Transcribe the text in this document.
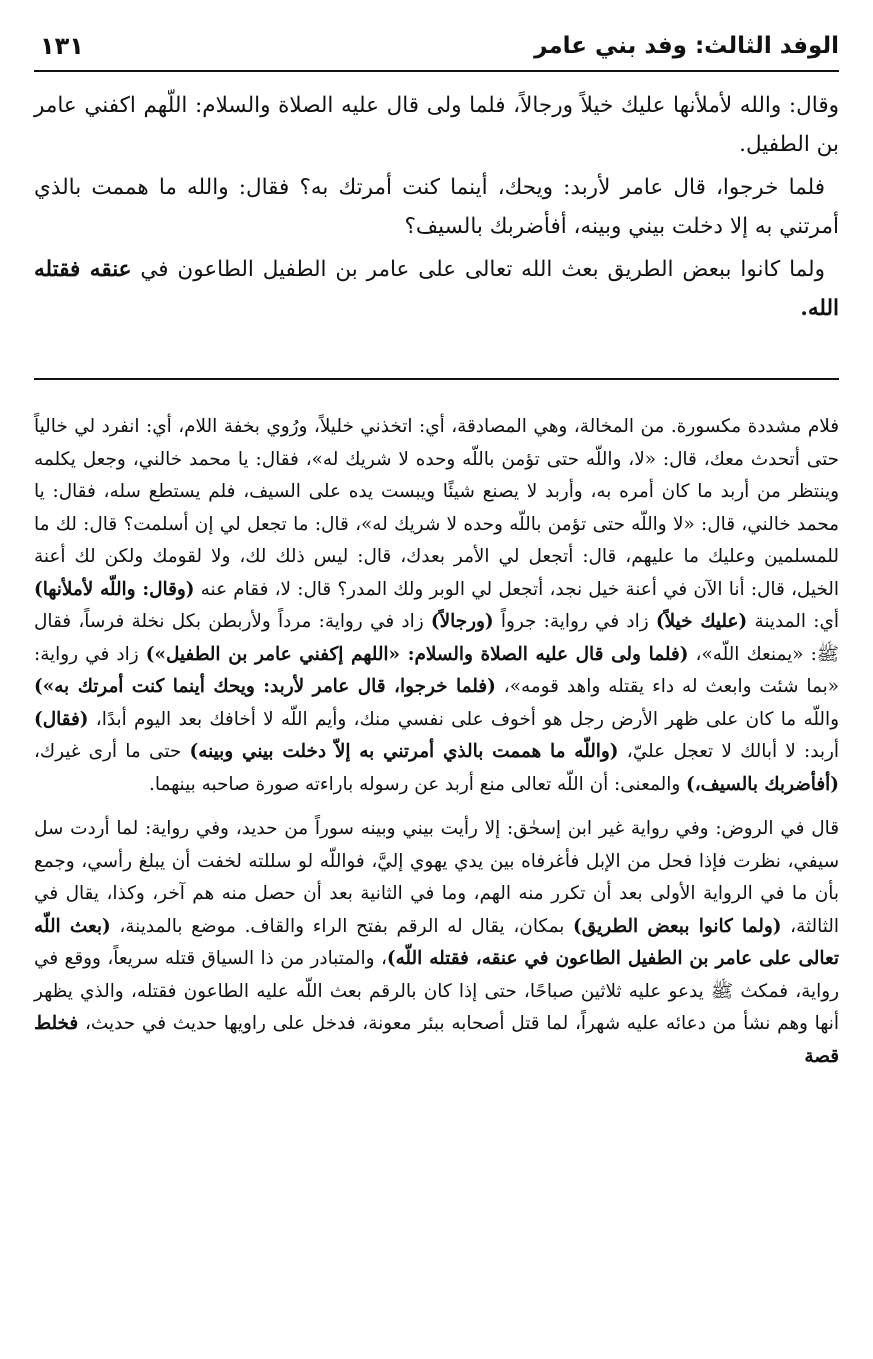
الوفد الثالث: وفد بني عامر
١٣١

وقال: والله لأملأنها عليك خيلاً ورجالاً، فلما ولى قال عليه الصلاة والسلام: اللّهم اكفني عامر بن الطفيل.

فلما خرجوا، قال عامر لأربد: ويحك، أينما كنت أمرتك به؟ فقال: والله ما هممت بالذي أمرتني به إلا دخلت بيني وبينه، أفأضربك بالسيف؟

ولما كانوا ببعض الطريق بعث الله تعالى على عامر بن الطفيل الطاعون في عنقه فقتله الله.

فلام مشددة مكسورة. من المخالة، وهي المصادقة، أي: اتخذني خليلاً، ورُوي بخفة اللام، أي: انفرد لي خالياً حتى أتحدث معك، قال: «لا، واللّه حتى تؤمن باللّه وحده لا شريك له»، فقال: يا محمد خالني، وجعل يكلمه وينتظر من أربد ما كان أمره به، وأربد لا يصنع شيئًا ويبست يده على السيف، فلم يستطع سله، فقال: يا محمد خالني، قال: «لا واللّه حتى تؤمن باللّه وحده لا شريك له»، قال: ما تجعل لي إن أسلمت؟ قال: لك ما للمسلمين وعليك ما عليهم، قال: أتجعل لي الأمر بعدك، قال: ليس ذلك لك، ولا لقومك ولكن لك أعنة الخيل، قال: أنا الآن في أعنة خيل نجد، أتجعل لي الوبر ولك المدر؟ قال: لا، فقام عنه (وقال: واللّه لأملأنها) أي: المدينة (عليك خيلاً) زاد في رواية: جرواً (ورجالاً) زاد في رواية: مرداً ولأربطن بكل نخلة فرساً، فقال ﷺ: «يمنعك اللّه»، (فلما ولى قال عليه الصلاة والسلام: «اللهم إكفني عامر بن الطفيل») زاد في رواية: «بما شئت وابعث له داء يقتله واهد قومه»، (فلما خرجوا، قال عامر لأربد: ويحك أينما كنت أمرتك به») واللّه ما كان على ظهر الأرض رجل هو أخوف على نفسي منك، وأيم اللّه لا أخافك بعد اليوم أبدًا، (فقال) أربد: لا أبالك لا تعجل عليّ، (واللّه ما هممت بالذي أمرتني به إلاّ دخلت بيني وبينه) حتى ما أرى غيرك، (أفأضربك بالسيف،) والمعنى: أن اللّه تعالى منع أربد عن رسوله باراءته صورة صاحبه بينهما.

قال في الروض: وفي رواية غير ابن إسحٰق: إلا رأيت بيني وبينه سوراً من حديد، وفي رواية: لما أردت سل سيفي، نظرت فإذا فحل من الإبل فأغرفاه بين يدي يهوي إليَّ، فواللّه لو سللته لخفت أن يبلغ رأسي، وجمع بأن ما في الرواية الأولى بعد أن تكرر منه الهم، وما في الثانية بعد أن حصل منه هم آخر، وكذا، يقال في الثالثة، (ولما كانوا ببعض الطريق) بمكان، يقال له الرقم بفتح الراء والقاف. موضع بالمدينة، (بعث اللّه تعالى على عامر بن الطفيل الطاعون في عنقه، فقتله اللّه)، والمتبادر من ذا السياق قتله سريعاً، ووقع في رواية، فمكث ﷺ يدعو عليه ثلاثين صباحًا، حتى إذا كان بالرقم بعث اللّه عليه الطاعون فقتله، والذي يظهر أنها وهم نشأ من دعائه عليه شهراً، لما قتل أصحابه ببئر معونة، فدخل على راويها حديث في حديث، فخلط قصة
